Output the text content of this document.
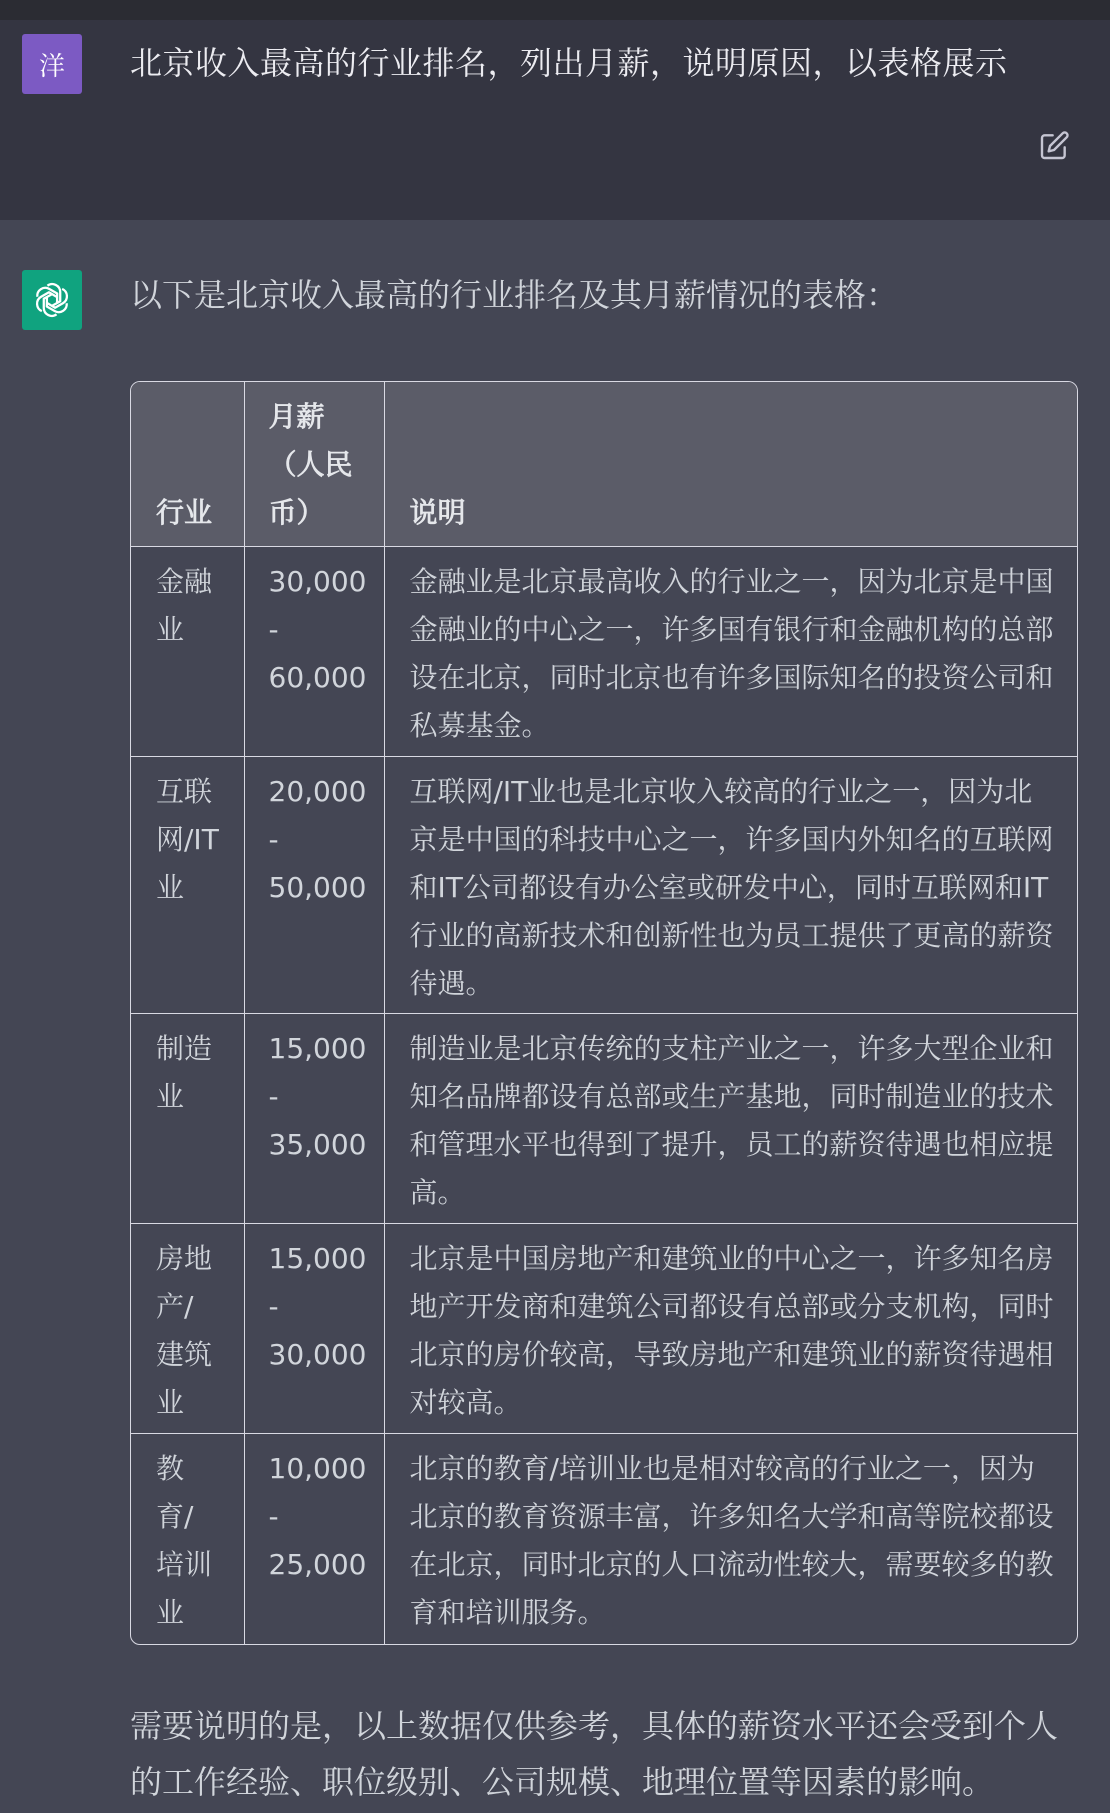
洋 北京收入最高的行业排名，列出月薪，说明原因，以表格展示
以下是北京收入最高的行业排名及其月薪情况的表格：
行业	月薪
（人民
币）	说明

金融
业	30,000
-
60,000	金融业是北京最高收入的行业之一，因为北京是中国金融业的中心之一，许多国有银行和金融机构的总部设在北京，同时北京也有许多国际知名的投资公司和私募基金。

互联
网/IT
业	20,000
-
50,000	互联网/IT业也是北京收入较高的行业之一，因为北京是中国的科技中心之一，许多国内外知名的互联网和IT公司都设有办公室或研发中心，同时互联网和IT行业的高新技术和创新性也为员工提供了更高的薪资待遇。

制造
业	15,000
-
35,000	制造业是北京传统的支柱产业之一，许多大型企业和知名品牌都设有总部或生产基地，同时制造业的技术和管理水平也得到了提升，员工的薪资待遇也相应提高。

房地
产/
建筑
业	15,000
-
30,000	北京是中国房地产和建筑业的中心之一，许多知名房地产开发商和建筑公司都设有总部或分支机构，同时北京的房价较高，导致房地产和建筑业的薪资待遇相对较高。

教
育/
培训
业	10,000
-
25,000	北京的教育/培训业也是相对较高的行业之一，因为北京的教育资源丰富，许多知名大学和高等院校都设在北京，同时北京的人口流动性较大，需要较多的教育和培训服务。
需要说明的是，以上数据仅供参考，具体的薪资水平还会受到个人的工作经验、职位级别、公司规模、地理位置等因素的影响。
